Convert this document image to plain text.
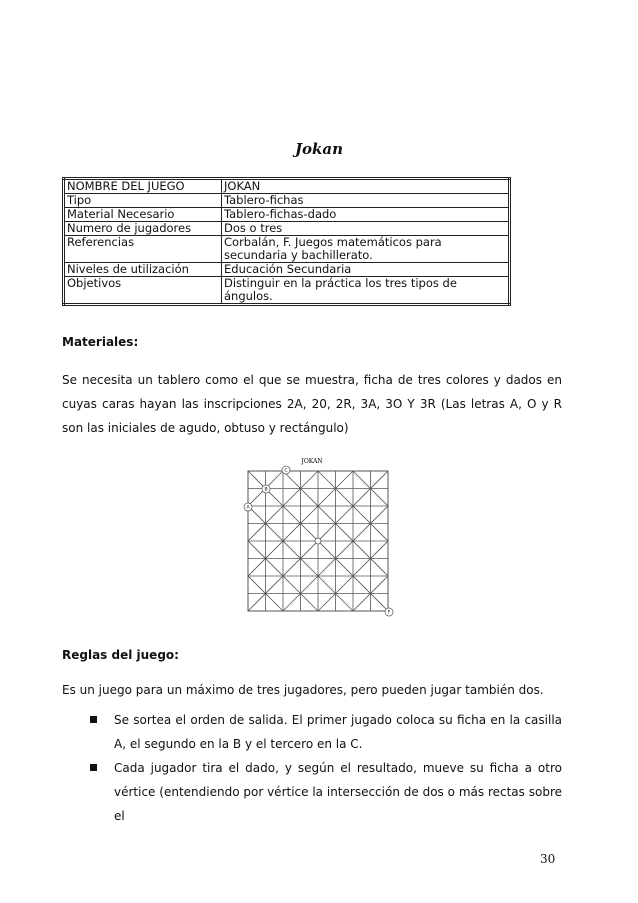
Jokan
NOMBRE DEL JUEGO	JOKAN
Tipo	Tablero-fichas
Material Necesario	Tablero-fichas-dado
Numero de jugadores	Dos o tres
Referencias	Corbalán, F. Juegos matemáticos para
secundaria y bachillerato.
Niveles de utilización	Educación Secundaria
Objetivos	Distinguir en la práctica los tres tipos de
ángulos.
Materiales:
Se necesita un tablero como el que se muestra, ficha de tres colores y dados en cuyas caras hayan las inscripciones 2A, 20, 2R, 3A, 3O Y 3R (Las letras A, O y R son las iniciales de agudo, obtuso y rectángulo)
JOKAN
C
B
A
F
Reglas del juego:
Es un juego para un máximo de tres jugadores, pero pueden jugar también dos.
Se sortea el orden de salida. El primer jugado coloca su ficha en la casilla A, el segundo en la B y el tercero en la C.
Cada jugador tira el dado, y según el resultado, mueve su ficha a otro vértice (entendiendo por vértice la intersección de dos o más rectas sobre el
30
